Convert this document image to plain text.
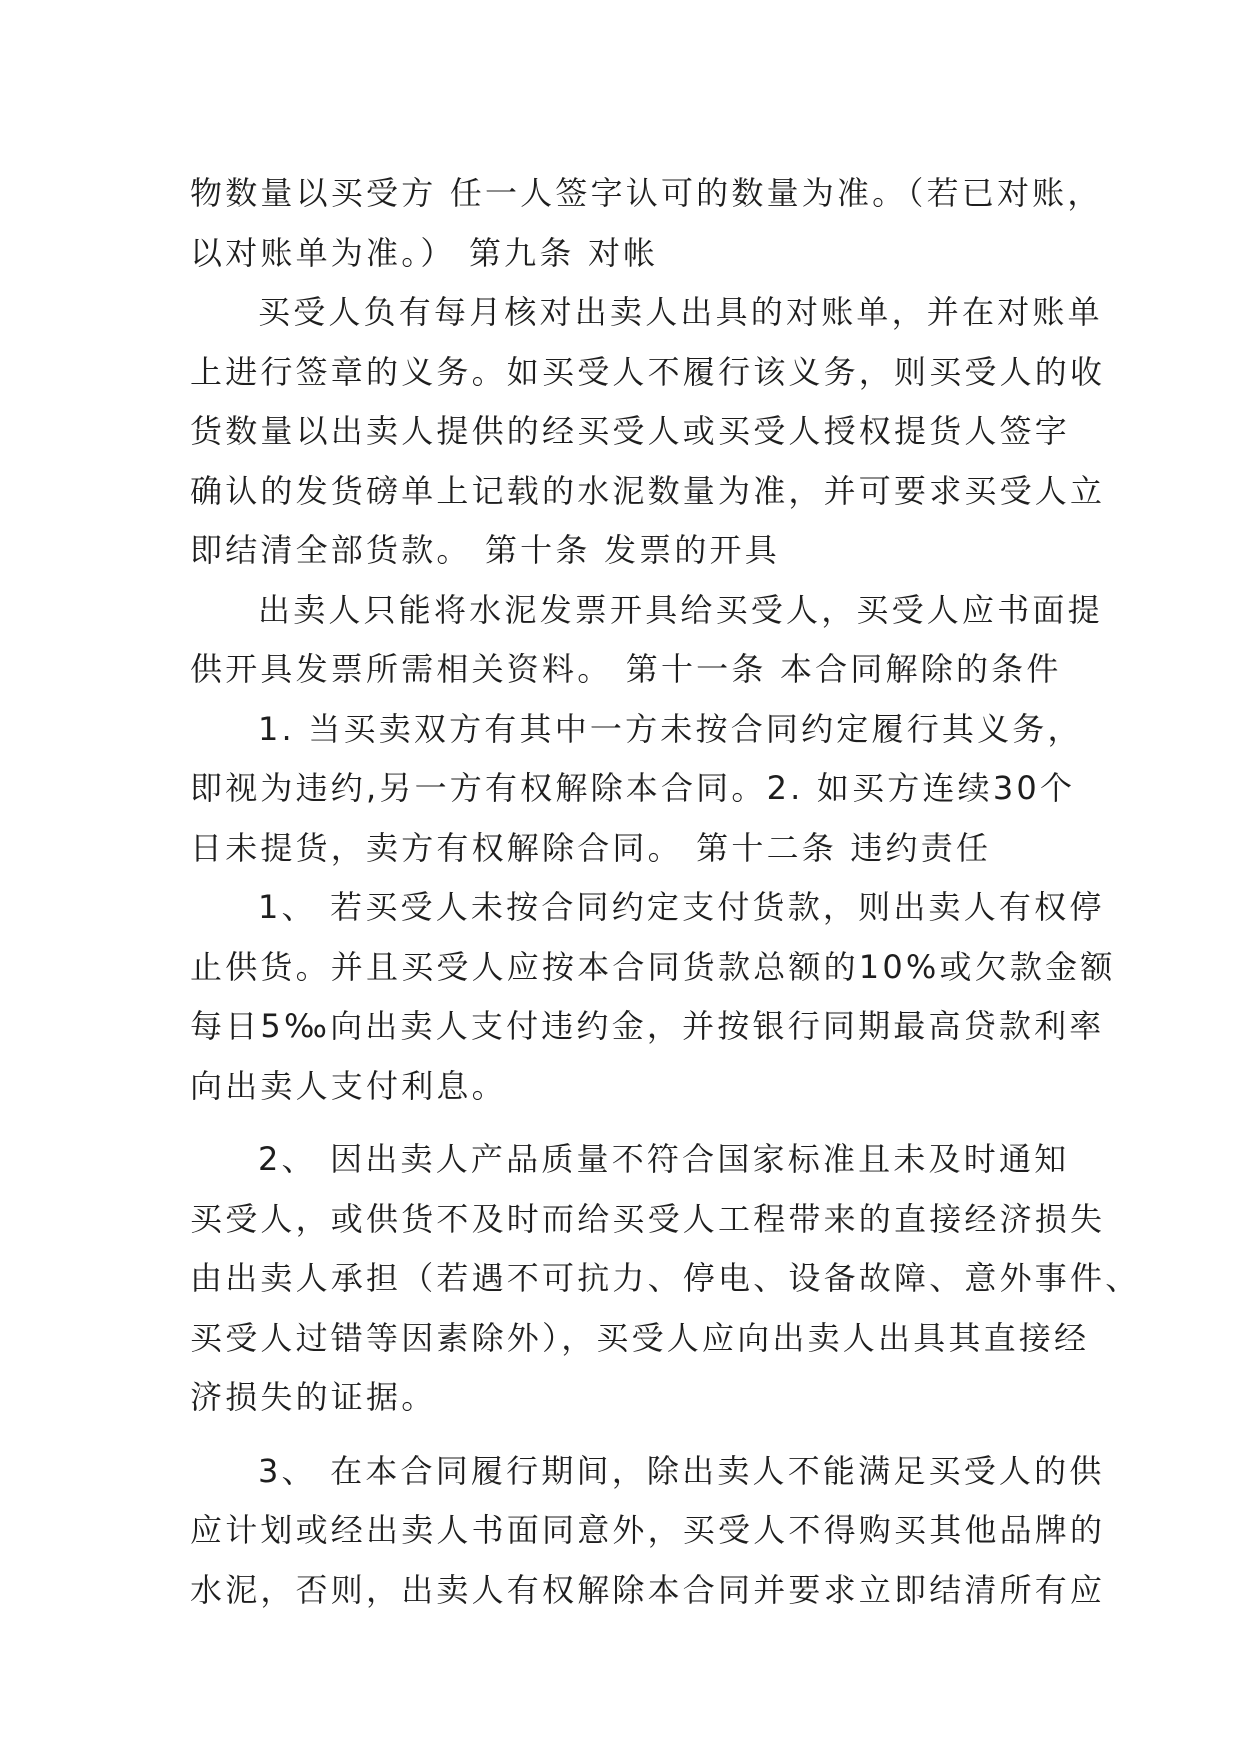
物数量以买受方 任一人签字认可的数量为准。（若已对账，
以对账单为准。） 第九条 对帐
买受人负有每月核对出卖人出具的对账单，并在对账单
上进行签章的义务。如买受人不履行该义务，则买受人的收
货数量以出卖人提供的经买受人或买受人授权提货人签字
确认的发货磅单上记载的水泥数量为准，并可要求买受人立
即结清全部货款。 第十条 发票的开具
出卖人只能将水泥发票开具给买受人，买受人应书面提
供开具发票所需相关资料。 第十一条 本合同解除的条件
1. 当买卖双方有其中一方未按合同约定履行其义务，
即视为违约,另一方有权解除本合同。2. 如买方连续30个
日未提货，卖方有权解除合同。 第十二条 违约责任
1、 若买受人未按合同约定支付货款，则出卖人有权停
止供货。并且买受人应按本合同货款总额的10%或欠款金额
每日5‰向出卖人支付违约金，并按银行同期最高贷款利率
向出卖人支付利息。
2、 因出卖人产品质量不符合国家标准且未及时通知
买受人，或供货不及时而给买受人工程带来的直接经济损失
由出卖人承担（若遇不可抗力、停电、设备故障、意外事件、
买受人过错等因素除外），买受人应向出卖人出具其直接经
济损失的证据。
3、 在本合同履行期间，除出卖人不能满足买受人的供
应计划或经出卖人书面同意外，买受人不得购买其他品牌的
水泥，否则，出卖人有权解除本合同并要求立即结清所有应
